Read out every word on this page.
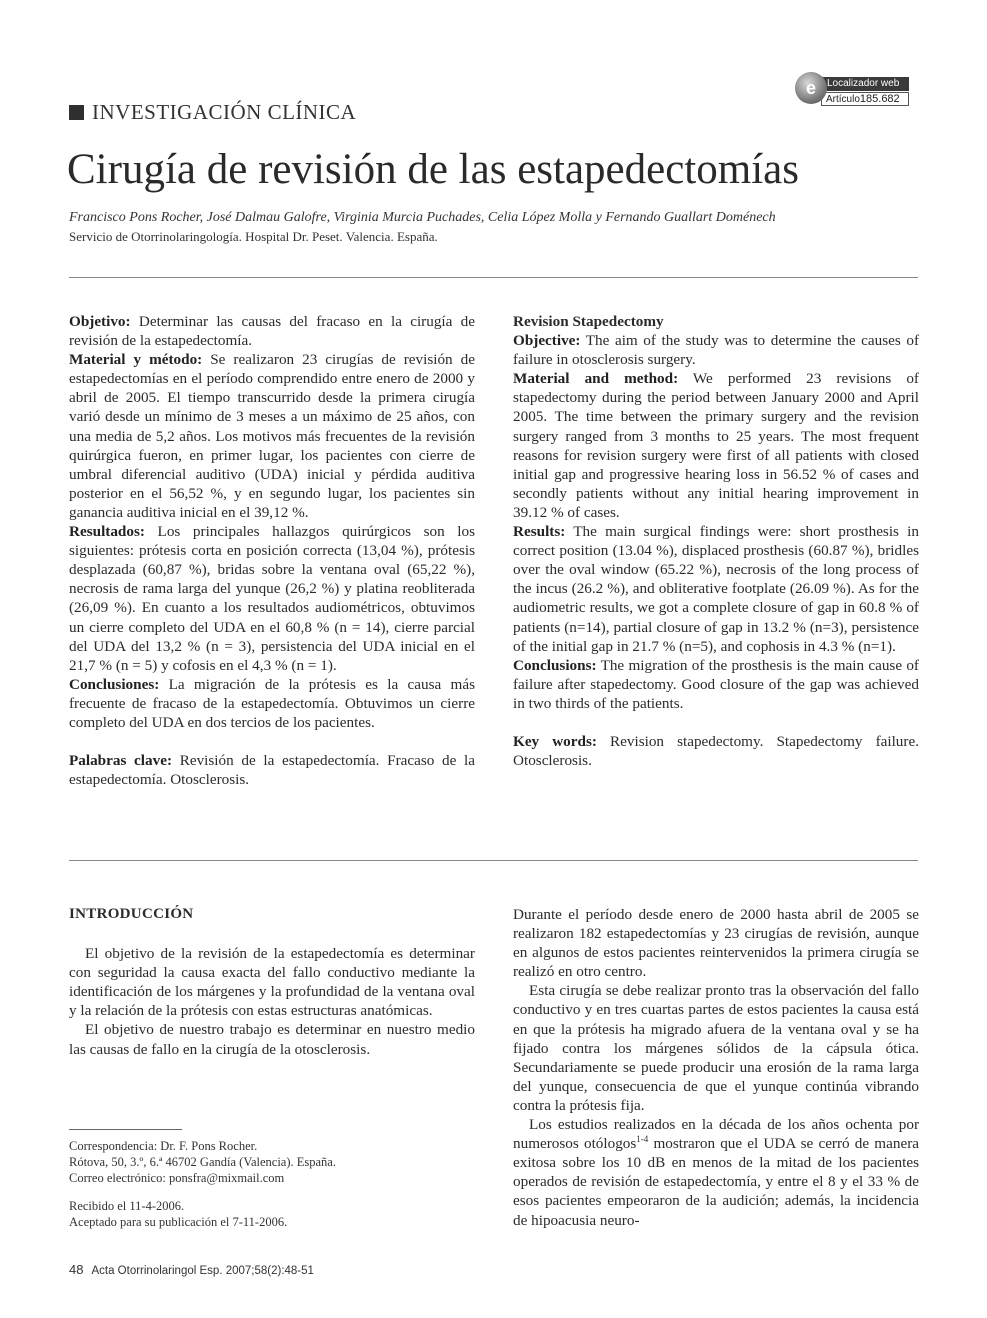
INVESTIGACIÓN CLÍNICA
Localizador web
Artículo185.682
e
Cirugía de revisión de las estapedectomías
Francisco Pons Rocher, José Dalmau Galofre, Virginia Murcia Puchades, Celia López Molla y Fernando Guallart Doménech
Servicio de Otorrinolaringología. Hospital Dr. Peset. Valencia. España.

Objetivo: Determinar las causas del fracaso en la cirugía de revisión de la estapedectomía.

Material y método: Se realizaron 23 cirugías de revisión de estapedectomías en el período comprendido entre enero de 2000 y abril de 2005. El tiempo transcurrido desde la primera cirugía varió desde un mínimo de 3 meses a un máximo de 25 años, con una media de 5,2 años. Los motivos más frecuentes de la revisión quirúrgica fueron, en primer lugar, los pacientes con cierre de umbral diferencial auditivo (UDA) inicial y pérdida auditiva posterior en el 56,52 %, y en segundo lugar, los pacientes sin ganancia auditiva inicial en el 39,12 %.

Resultados: Los principales hallazgos quirúrgicos son los siguientes: prótesis corta en posición correcta (13,04 %), prótesis desplazada (60,87 %), bridas sobre la ventana oval (65,22 %), necrosis de rama larga del yunque (26,2 %) y platina reobliterada (26,09 %). En cuanto a los resultados audiométricos, obtuvimos un cierre completo del UDA en el 60,8 % (n = 14), cierre parcial del UDA del 13,2 % (n = 3), persistencia del UDA inicial en el 21,7 % (n = 5) y cofosis en el 4,3 % (n = 1).

Conclusiones: La migración de la prótesis es la causa más frecuente de fracaso de la estapedectomía. Obtuvimos un cierre completo del UDA en dos tercios de los pacientes.

Palabras clave: Revisión de la estapedectomía. Fracaso de la estapedectomía. Otosclerosis.

Revision Stapedectomy

Objective: The aim of the study was to determine the causes of failure in otosclerosis surgery.

Material and method: We performed 23 revisions of stapedectomy during the period between January 2000 and April 2005. The time between the primary surgery and the revision surgery ranged from 3 months to 25 years. The most frequent reasons for revision surgery were first of all patients with closed initial gap and progressive hearing loss in 56.52 % of cases and secondly patients without any initial hearing improvement in 39.12 % of cases.

Results: The main surgical findings were: short prosthesis in correct position (13.04 %), displaced prosthesis (60.87 %), bridles over the oval window (65.22 %), necrosis of the long process of the incus (26.2 %), and obliterative footplate (26.09 %). As for the audiometric results, we got a complete closure of gap in 60.8 % of patients (n=14), partial closure of gap in 13.2 % (n=3), persistence of the initial gap in 21.7 % (n=5), and cophosis in 4.3 % (n=1).

Conclusions: The migration of the prosthesis is the main cause of failure after stapedectomy. Good closure of the gap was achieved in two thirds of the patients.

Key words: Revision stapedectomy. Stapedectomy failure. Otosclerosis.

INTRODUCCIÓN

El objetivo de la revisión de la estapedectomía es determinar con seguridad la causa exacta del fallo conductivo mediante la identificación de los márgenes y la profundidad de la ventana oval y la relación de la prótesis con estas estructuras anatómicas.

El objetivo de nuestro trabajo es determinar en nuestro medio las causas de fallo en la cirugía de la otosclerosis.

Durante el período desde enero de 2000 hasta abril de 2005 se realizaron 182 estapedectomías y 23 cirugías de revisión, aunque en algunos de estos pacientes reintervenidos la primera cirugía se realizó en otro centro.

Esta cirugía se debe realizar pronto tras la observación del fallo conductivo y en tres cuartas partes de estos pacientes la causa está en que la prótesis ha migrado afuera de la ventana oval y se ha fijado contra los márgenes sólidos de la cápsula ótica. Secundariamente se puede producir una erosión de la rama larga del yunque, consecuencia de que el yunque continúa vibrando contra la prótesis fija.

Los estudios realizados en la década de los años ochenta por numerosos otólogos$^{1-4}$ mostraron que el UDA se cerró de manera exitosa sobre los 10 dB en menos de la mitad de los pacientes operados de revisión de estapedectomía, y entre el 8 y el 33 % de esos pacientes empeoraron de la audición; además, la incidencia de hipoacusia neuro-

Correspondencia: Dr. F. Pons Rocher.
Rótova, 50, 3.º, 6.ª 46702 Gandía (Valencia). España.
Correo electrónico: ponsfra@mixmail.com
Recibido el 11-4-2006.
Aceptado para su publicación el 7-11-2006.
48 Acta Otorrinolaringol Esp. 2007;58(2):48-51
